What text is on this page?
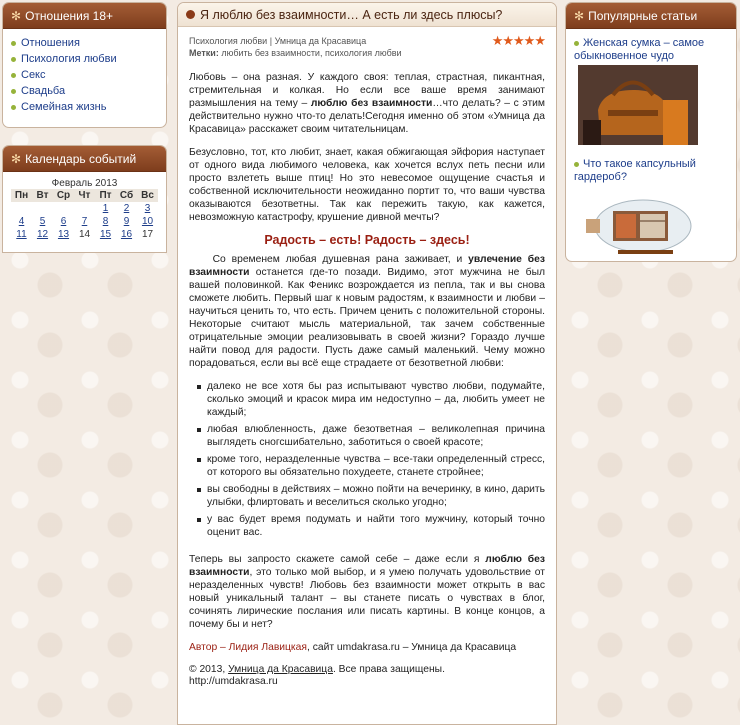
✻ Отношения 18+
Отношения
Психология любви
Секс
Свадьба
Семейная жизнь
✻ Календарь событий
Февраль 2013
Пн	Вт	Ср	Чт	Пт	Сб	Вс
				1	2	3
4	5	6	7	8	9	10
11	12	13	14	15	16	17
Я люблю без взаимности… А есть ли здесь плюсы?
Психология любви | Умница да Красавица
Метки: любить без взаимности, психология любви
★★★★★

Любовь – она разная. У каждого своя: теплая, страстная, пикантная, стремительная и колкая. Но если все ваше время занимают размышления на тему – люблю без взаимности…что делать? – с этим действительно нужно что-то делать!Сегодня именно об этом «Умница да Красавица» расскажет своим читательницам.

Безусловно, тот, кто любит, знает, какая обжигающая эйфория наступает от одного вида любимого человека, как хочется вслух петь песни или просто взлететь выше птиц! Но это невесомое ощущение счастья и собственной исключительности неожиданно портит то, что ваши чувства оказываются безответны. Так как пережить такую, как кажется, невозможную катастрофу, крушение дивной мечты?

Радость – есть! Радость – здесь!

Со временем любая душевная рана заживает, и увлечение без взаимности останется где-то позади. Видимо, этот мужчина не был вашей половинкой. Как Феникс возрождается из пепла, так и вы снова сможете любить. Первый шаг к новым радостям, к взаимности и любви – научиться ценить то, что есть. Причем ценить с положительной стороны. Некоторые считают мысль материальной, так зачем собственные отрицательные эмоции реализовывать в своей жизни? Гораздо лучше найти повод для радости. Пусть даже самый маленький. Чему можно порадоваться, если вы всё еще страдаете от безответной любви:

далеко не все хотя бы раз испытывают чувство любви, подумайте, сколько эмоций и красок мира им недоступно – да, любить умеет не каждый;
любая влюбленность, даже безответная – великолепная причина выглядеть сногсшибательно, заботиться о своей красоте;
кроме того, неразделенные чувства – все-таки определенный стресс, от которого вы обязательно похудеете, станете стройнее;
вы свободны в действиях – можно пойти на вечеринку, в кино, дарить улыбки, флиртовать и веселиться сколько угодно;
у вас будет время подумать и найти того мужчину, который точно оценит вас.

Теперь вы запросто скажете самой себе – даже если я люблю без взаимности, это только мой выбор, и я умею получать удовольствие от неразделенных чувств! Любовь без взаимности может открыть в вас новый уникальный талант – вы станете писать о чувствах в блог, сочинять лирические послания или писать картины. В конце концов, а почему бы и нет?

Автор – Лидия Лавицкая, сайт umdakrasa.ru – Умница да Красавица

© 2013, Умница да Красавица. Все права защищены.
http://umdakrasa.ru
✻ Популярные статьи
Женская сумка – самое обыкновенное чудо
Что такое капсульный гардероб?
